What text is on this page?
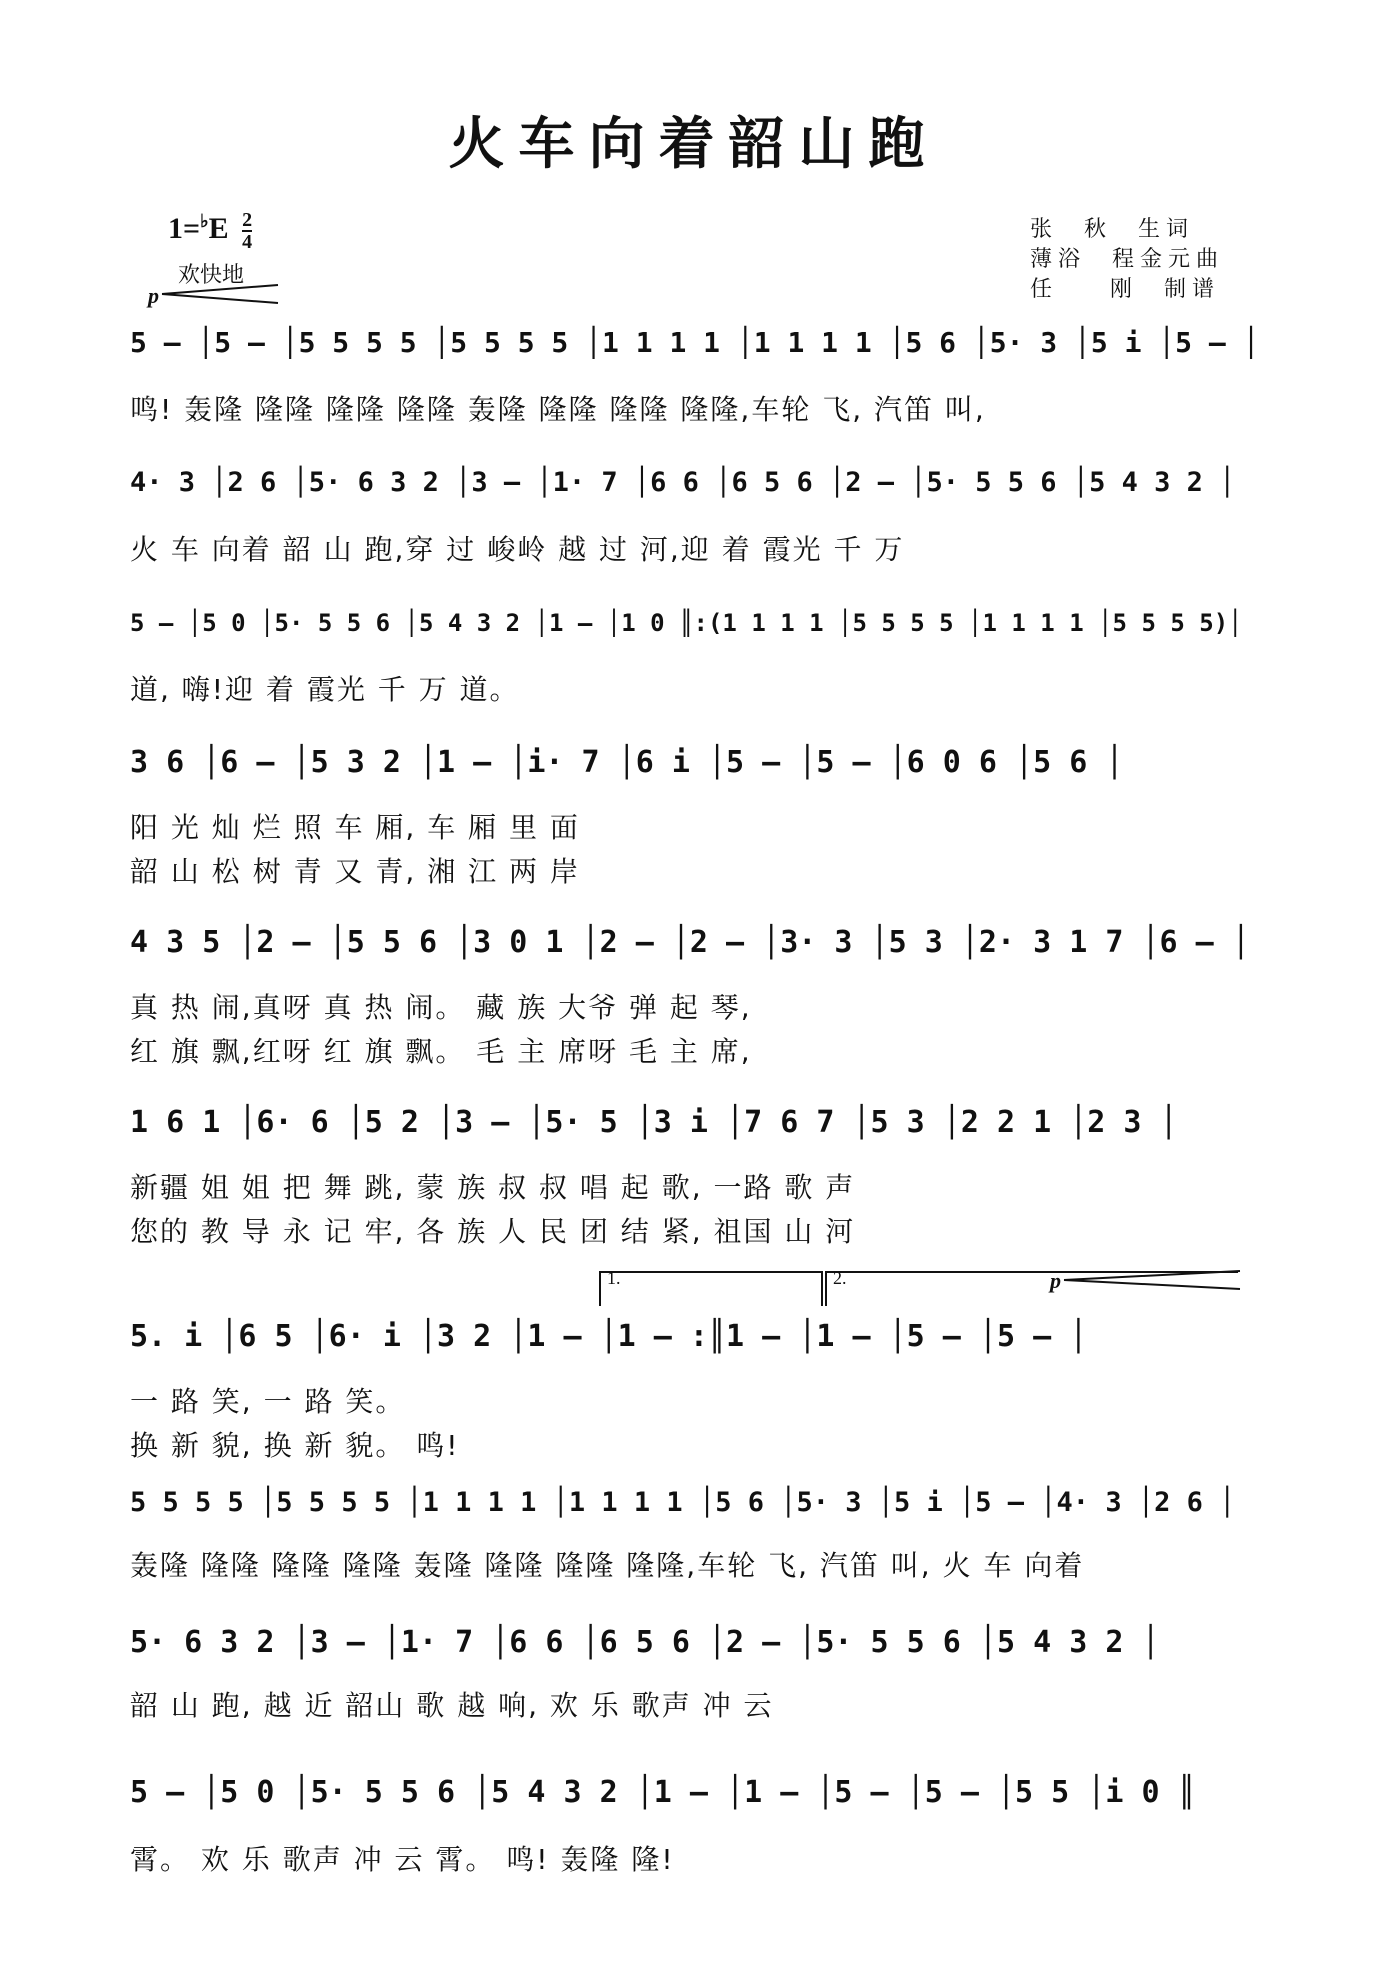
火车向着韶山跑
$1=^♭E \frac{2}{4}$
欢快地
p
张  秋  生词
薄浴  程金元曲
任    刚  制谱
5 – │5 – │5 5 5 5 │5 5 5 5 │1 1 1 1 │1 1 1 1 │5 6 │5· 3 │5 i │5 – │
鸣! 轰隆 隆隆 隆隆 隆隆 轰隆 隆隆 隆隆 隆隆,车轮 飞, 汽笛 叫,
4· 3 │2 6 │5· 6 3 2 │3 – │1· 7 │6 6 │6 5 6 │2 – │5· 5 5 6 │5 4 3 2 │
火 车 向着 韶 山 跑,穿 过 峻岭 越 过 河,迎 着 霞光 千 万
5 – │5 0 │5· 5 5 6 │5 4 3 2 │1 – │1 0 ║:(1 1 1 1 │5 5 5 5 │1 1 1 1 │5 5 5 5)│
道, 嗨!迎 着 霞光 千 万 道。
3 6 │6 – │5 3 2 │1 – │i· 7 │6 i │5 – │5 – │6 0 6 │5 6 │
阳 光 灿 烂 照 车 厢, 车 厢 里 面
韶 山 松 树 青 又 青, 湘 江 两 岸
4 3 5 │2 – │5 5 6 │3 0 1 │2 – │2 – │3· 3 │5 3 │2· 3 1 7 │6 – │
真 热 闹,真呀 真 热 闹。 藏 族 大爷 弹 起 琴,
红 旗 飘,红呀 红 旗 飘。 毛 主 席呀 毛 主 席,
1 6 1 │6· 6 │5 2 │3 – │5· 5 │3 i │7 6 7 │5 3 │2 2 1 │2 3 │
新疆 姐 姐 把 舞 跳, 蒙 族 叔 叔 唱 起 歌, 一路 歌 声
您的 教 导 永 记 牢, 各 族 人 民 团 结 紧, 祖国 山 河
1.	2.	p
5. i │6 5 │6· i │3 2 │1 – │1 – :║1 – │1 – │5 – │5 – │
一 路 笑, 一 路 笑。
换 新 貌, 换 新 貌。 鸣!
5 5 5 5 │5 5 5 5 │1 1 1 1 │1 1 1 1 │5 6 │5· 3 │5 i │5 – │4· 3 │2 6 │
轰隆 隆隆 隆隆 隆隆 轰隆 隆隆 隆隆 隆隆,车轮 飞, 汽笛 叫, 火 车 向着
5· 6 3 2 │3 – │1· 7 │6 6 │6 5 6 │2 – │5· 5 5 6 │5 4 3 2 │
韶 山 跑, 越 近 韶山 歌 越 响, 欢 乐 歌声 冲 云
5 – │5 0 │5· 5 5 6 │5 4 3 2 │1 – │1 – │5 – │5 – │5 5 │i 0 ║
霄。 欢 乐 歌声 冲 云 霄。 鸣! 轰隆 隆!
